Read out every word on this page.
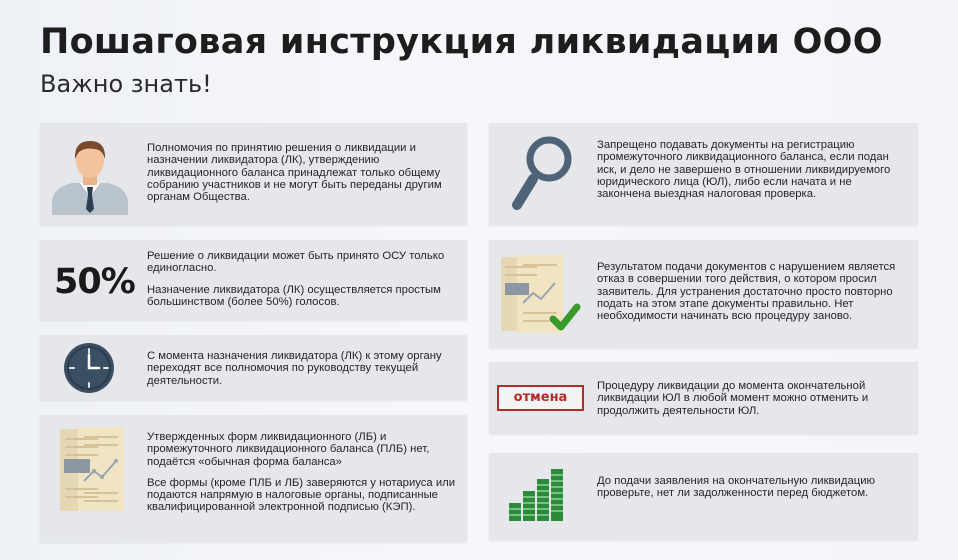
Пошаговая инструкция ликвидации ООО
Важно знать!

Полномочия по принятию решения о ликвидации и назначении ликвидатора (ЛК), утверждению ликвидационного баланса принадлежат только общему собранию участников и не могут быть переданы другим органам Общества.

50%

Решение о ликвидации может быть принято ОСУ только единогласно.

Назначение ликвидатора (ЛК) осуществляется простым большинством (более 50%) голосов.

С момента назначения ликвидатора (ЛК) к этому органу переходят все полномочия по руководству текущей деятельности.

Утвержденных форм ликвидационного (ЛБ) и промежуточного ликвидационного баланса (ПЛБ) нет, подаётся «обычная форма баланса»

Все формы (кроме ПЛБ и ЛБ) заверяются у нотариуса или подаются напрямую в налоговые органы, подписанные квалифицированной электронной подписью (КЭП).

Запрещено подавать документы на регистрацию промежуточного ликвидационного баланса, если подан иск, и дело не завершено в отношении ликвидируемого юридического лица (ЮЛ), либо если начата и не закончена выездная налоговая проверка.

Результатом подачи документов с нарушением является отказ в совершении того действия, о котором просил заявитель. Для устранения достаточно просто повторно подать на этом этапе документы правильно. Нет необходимости начинать всю процедуру заново.

отмена

Процедуру ликвидации до момента окончательной ликвидации ЮЛ в любой момент можно отменить и продолжить деятельности ЮЛ.

До подачи заявления на окончательную ликвидацию проверьте, нет ли задолженности перед бюджетом.
